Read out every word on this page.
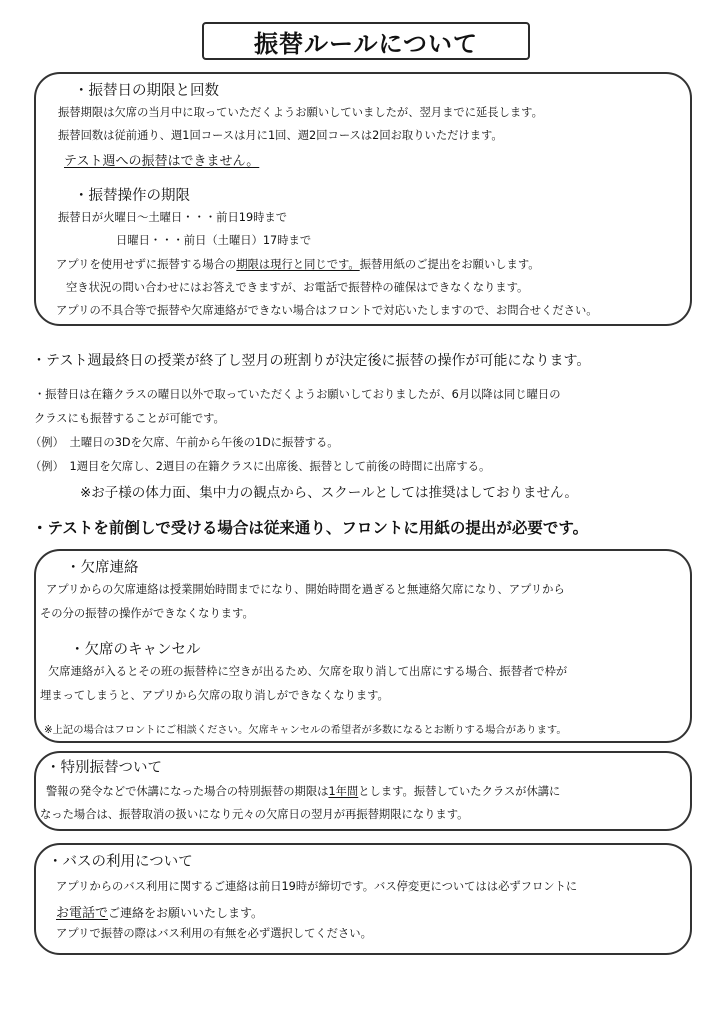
振替ルールについて
・振替日の期限と回数
振替期限は欠席の当月中に取っていただくようお願いしていましたが、翌月までに延長します。
振替回数は従前通り、週1回コースは月に1回、週2回コースは2回お取りいただけます。
テスト週への振替はできません。
・振替操作の期限
振替日が火曜日～土曜日・・・前日19時まで
日曜日・・・前日（土曜日）17時まで
アプリを使用せずに振替する場合の期限は現行と同じです。振替用紙のご提出をお願いします。
空き状況の問い合わせにはお答えできますが、お電話で振替枠の確保はできなくなります。
アプリの不具合等で振替や欠席連絡ができない場合はフロントで対応いたしますので、お問合せください。
・テスト週最終日の授業が終了し翌月の班割りが決定後に振替の操作が可能になります。
・振替日は在籍クラスの曜日以外で取っていただくようお願いしておりましたが、6月以降は同じ曜日の
クラスにも振替することが可能です。
（例）　土曜日の3Dを欠席、午前から午後の1Dに振替する。
（例）　1週目を欠席し、2週目の在籍クラスに出席後、振替として前後の時間に出席する。
※お子様の体力面、集中力の観点から、スクールとしては推奨はしておりません。
・テストを前倒しで受ける場合は従来通り、フロントに用紙の提出が必要です。
・欠席連絡
アプリからの欠席連絡は授業開始時間までになり、開始時間を過ぎると無連絡欠席になり、アプリから
その分の振替の操作ができなくなります。
・欠席のキャンセル
欠席連絡が入るとその班の振替枠に空きが出るため、欠席を取り消して出席にする場合、振替者で枠が
埋まってしまうと、アプリから欠席の取り消しができなくなります。
※上記の場合はフロントにご相談ください。欠席キャンセルの希望者が多数になるとお断りする場合があります。
・特別振替ついて
警報の発令などで休講になった場合の特別振替の期限は1年間とします。振替していたクラスが休講に
なった場合は、振替取消の扱いになり元々の欠席日の翌月が再振替期限になります。
・バスの利用について
アプリからのバス利用に関するご連絡は前日19時が締切です。バス停変更についてはは必ずフロントに
お電話でご連絡をお願いいたします。
アプリで振替の際はバス利用の有無を必ず選択してください。
